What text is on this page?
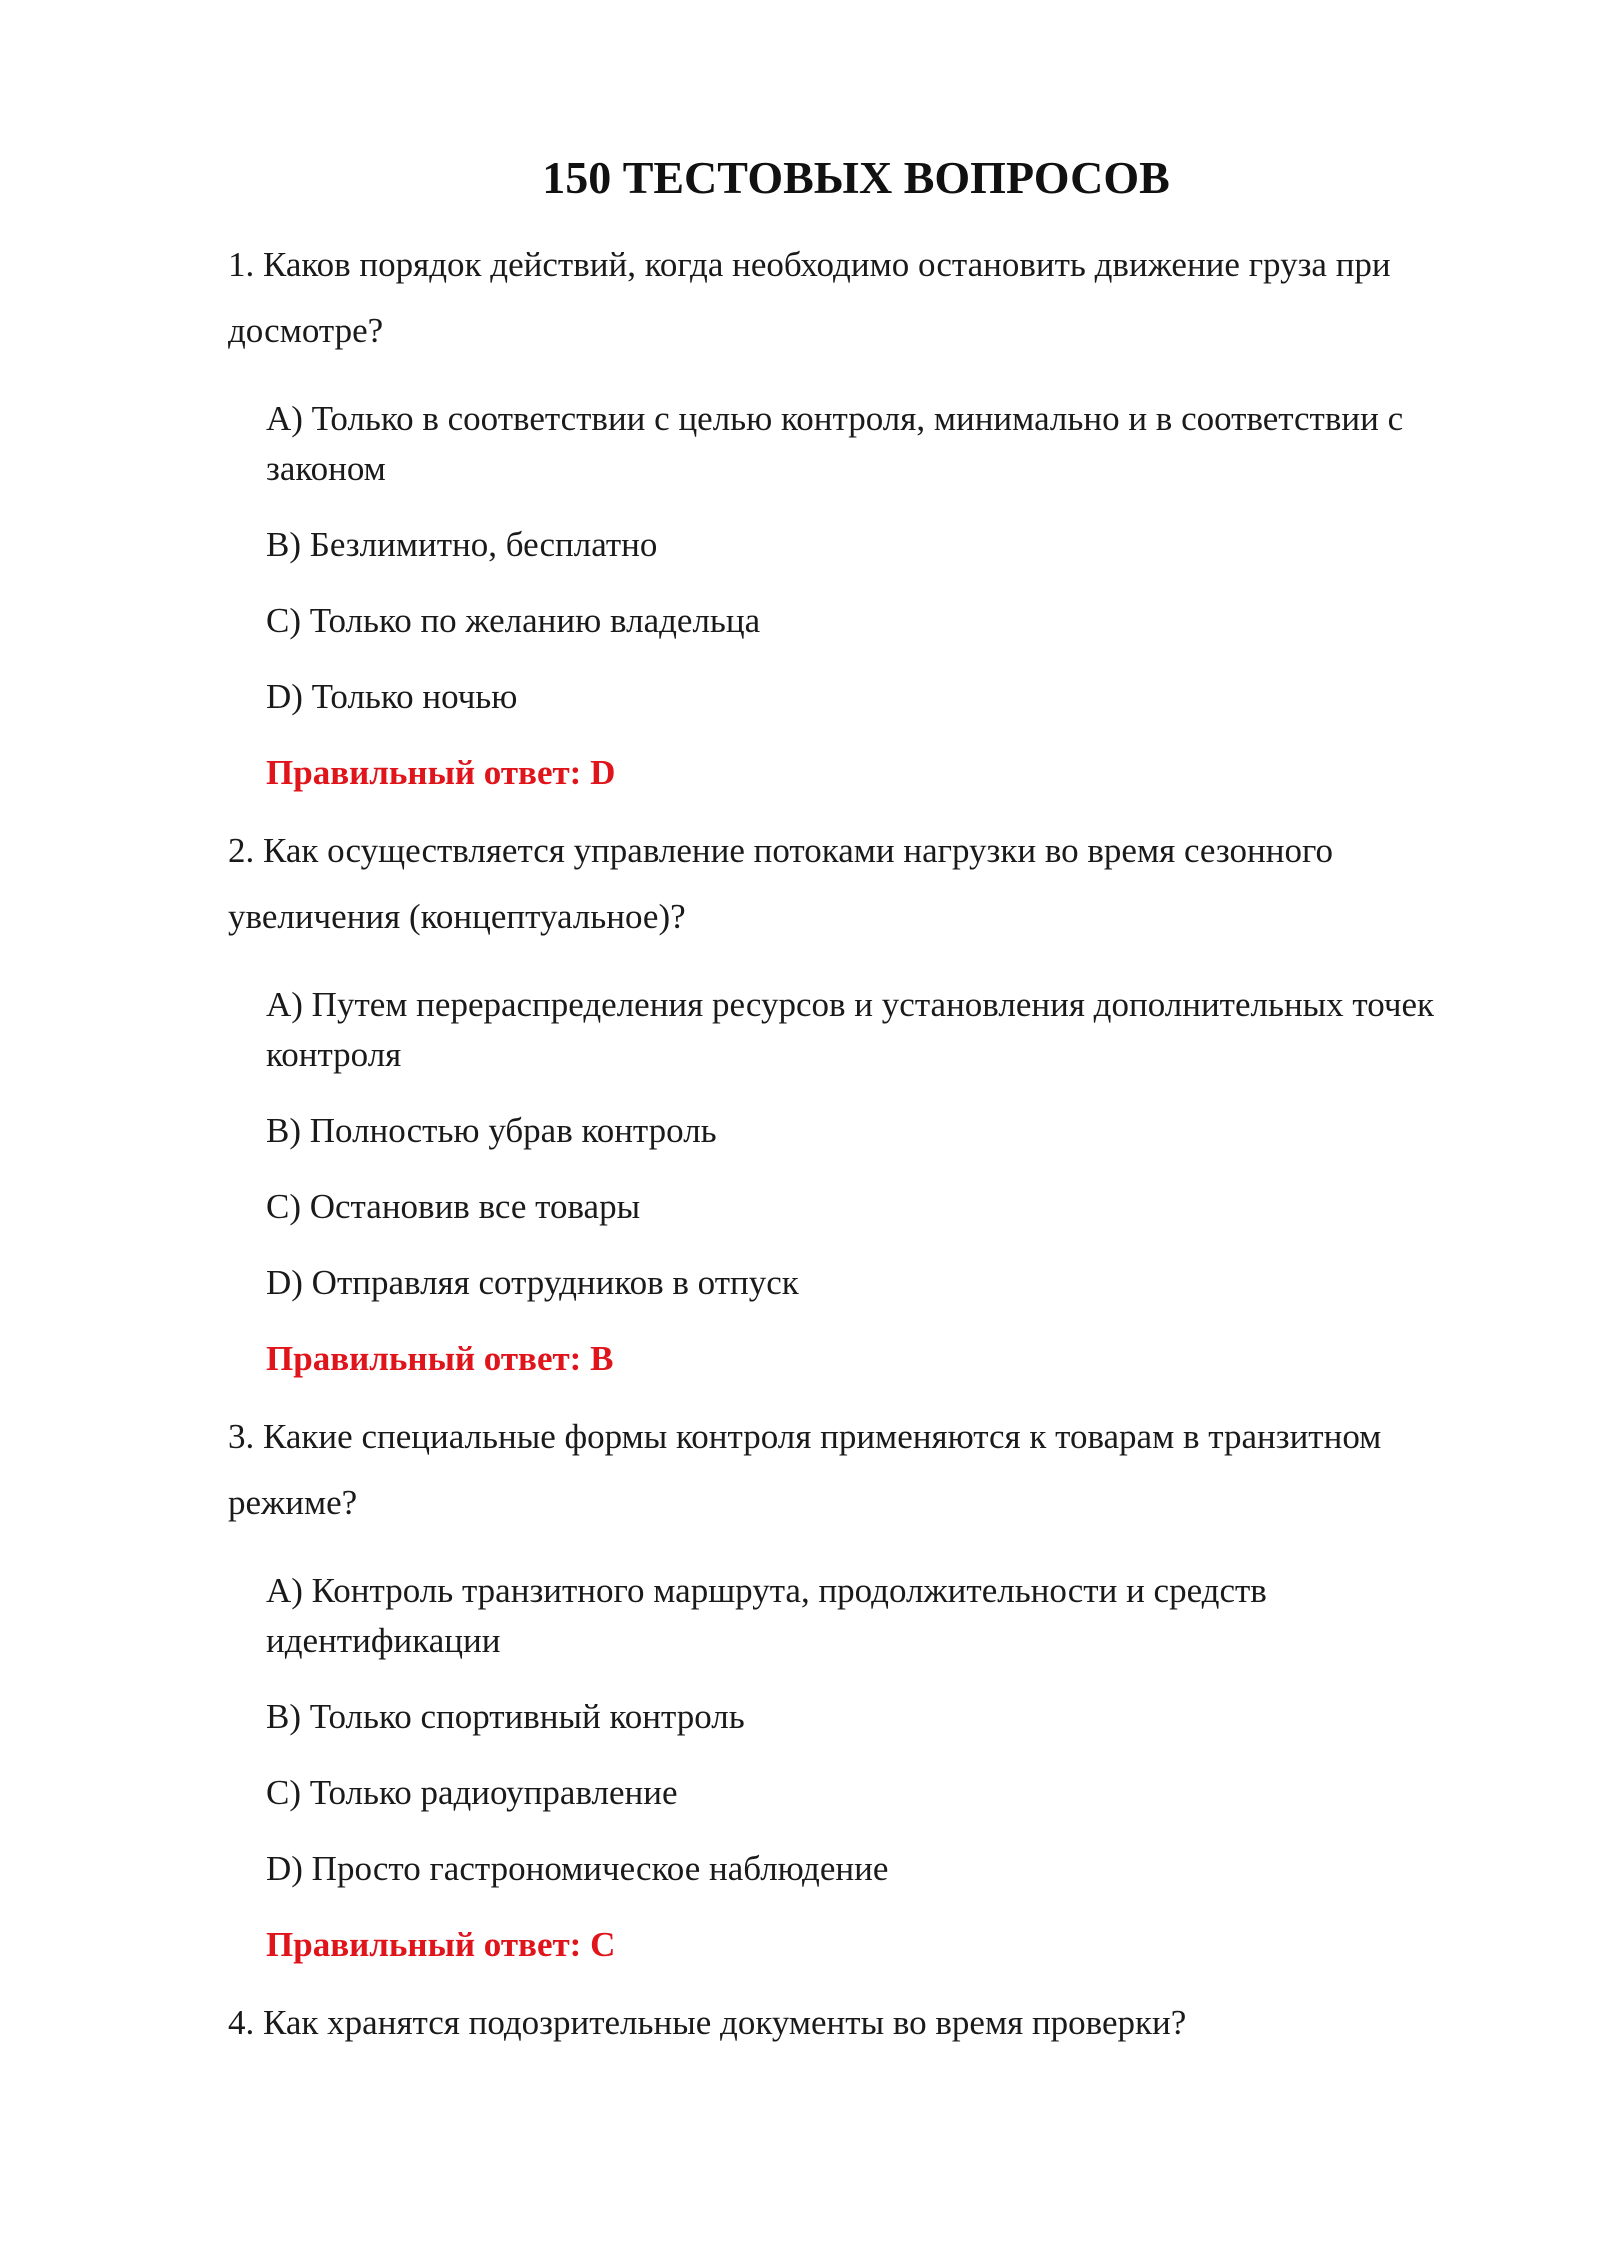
150 ТЕСТОВЫХ ВОПРОСОВ
1. Каков порядок действий, когда необходимо остановить движение груза при досмотре?
A) Только в соответствии с целью контроля, минимально и в соответствии с законом
B) Безлимитно, бесплатно
C) Только по желанию владельца
D) Только ночью
Правильный ответ: D
2. Как осуществляется управление потоками нагрузки во время сезонного увеличения (концептуальное)?
A) Путем перераспределения ресурсов и установления дополнительных точек контроля
B) Полностью убрав контроль
C) Остановив все товары
D) Отправляя сотрудников в отпуск
Правильный ответ: B
3. Какие специальные формы контроля применяются к товарам в транзитном режиме?
A) Контроль транзитного маршрута, продолжительности и средств идентификации
B) Только спортивный контроль
C) Только радиоуправление
D) Просто гастрономическое наблюдение
Правильный ответ: C
4. Как хранятся подозрительные документы во время проверки?
